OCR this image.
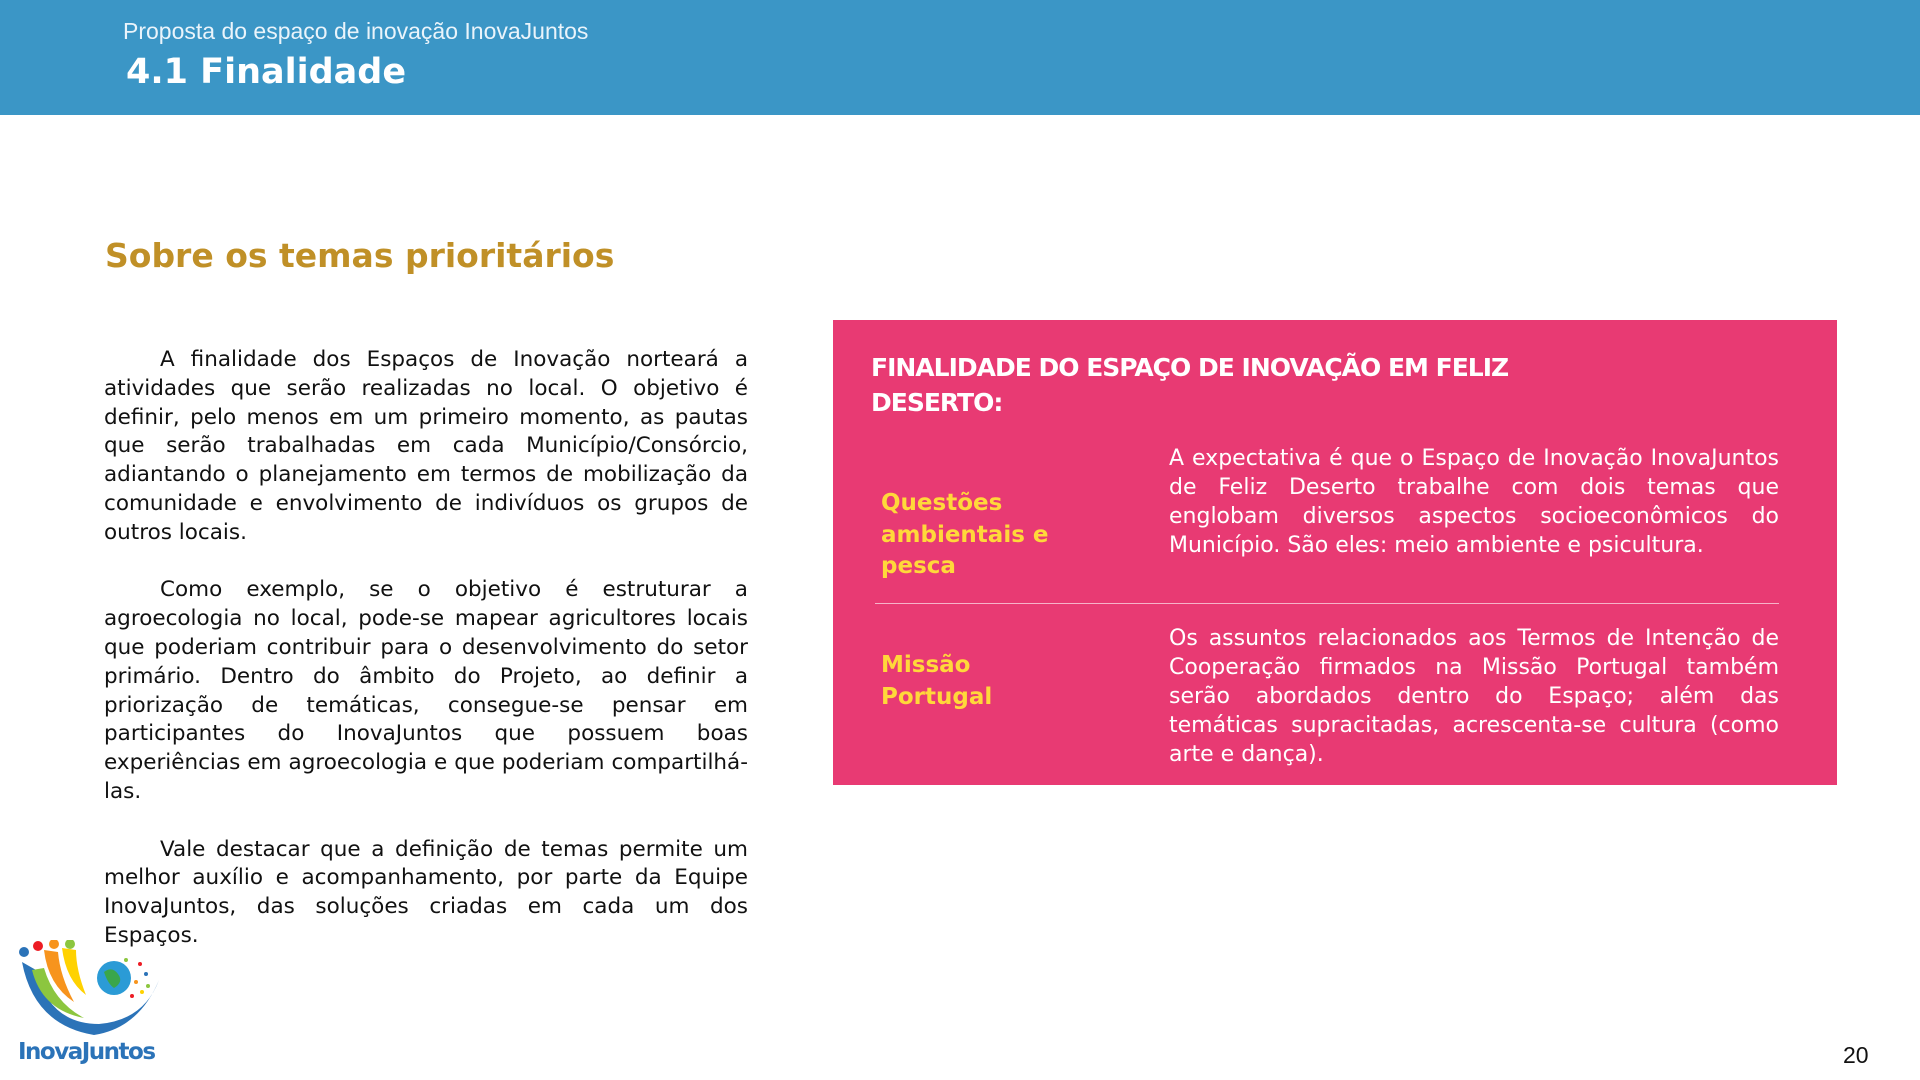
Proposta do espaço de inovação InovaJuntos
4.1 Finalidade
Sobre os temas prioritários

A finalidade dos Espaços de Inovação norteará a atividades que serão realizadas no local. O objetivo é definir, pelo menos em um primeiro momento, as pautas que serão trabalhadas em cada Município/Consórcio, adiantando o planejamento em termos de mobilização da comunidade e envolvimento de indivíduos os grupos de outros locais.

Como exemplo, se o objetivo é estruturar a agroecologia no local, pode-se mapear agricultores locais que poderiam contribuir para o desenvolvimento do setor primário. Dentro do âmbito do Projeto, ao definir a priorização de temáticas, consegue-se pensar em participantes do InovaJuntos que possuem boas experiências em agroecologia e que poderiam compartilhá-las.

Vale destacar que a definição de temas permite um melhor auxílio e acompanhamento, por parte da Equipe InovaJuntos, das soluções criadas em cada um dos Espaços.

FINALIDADE DO ESPAÇO DE INOVAÇÃO EM FELIZ DESERTO:
Questões ambientais e pesca
A expectativa é que o Espaço de Inovação InovaJuntos de Feliz Deserto trabalhe com dois temas que englobam diversos aspectos socioeconômicos do Município. São eles: meio ambiente e psicultura.
Missão Portugal
Os assuntos relacionados aos Termos de Intenção de Cooperação firmados na Missão Portugal também serão abordados dentro do Espaço; além das temáticas supracitadas, acrescenta-se cultura (como arte e dança).
InovaJuntos	20
